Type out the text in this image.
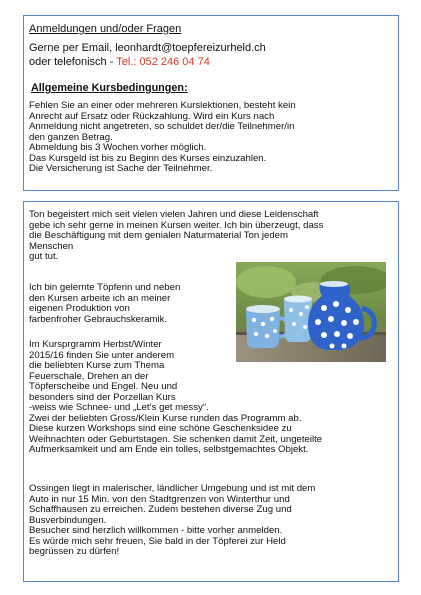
Anmeldungen und/oder Fragen
Gerne per Email, leonhardt@toepfereizurheld.ch
oder telefonisch - Tel.: 052 246 04 74
Allgemeine Kursbedingungen:
Fehlen Sie an einer oder mehreren Kurslektionen, besteht kein
Anrecht auf Ersatz oder Rückzahlung. Wird ein Kurs nach
Anmeldung nicht angetreten, so schuldet der/die Teilnehmer/in
den ganzen Betrag.
Abmeldung bis 3 Wochen vorher möglich.
Das Kursgeld ist bis zu Beginn des Kurses einzuzahlen.
Die Versicherung ist Sache der Teilnehmer.
Ton begeistert mich seit vielen vielen Jahren und diese Leidenschaft
gebe ich sehr gerne in meinen Kursen weiter. Ich bin überzeugt, dass
die Beschäftigung mit dem genialen Naturmaterial Ton jedem
Menschen
gut tut.
Ich bin gelernte Töpferin und neben
den Kursen arbeite ich an meiner
eigenen Produktion von
farbenfroher Gebrauchskeramik.
Im Kursprgramm Herbst/Winter
2015/16 finden Sie unter anderem
die beliebten Kurse zum Thema
Feuerschale, Drehen an der
Töpferscheibe und Engel. Neu und
besonders sind der Porzellan Kurs
-weiss wie Schnee- und „Let‘s get messy“.
Zwei der beliebten Gross/Klein Kurse runden das Programm ab.
Diese kurzen Workshops sind eine schöne Geschenksidee zu
Weihnachten oder Geburtstagen. Sie schenken damit Zeit, ungeteilte
Aufmerksamkeit und am Ende ein tolles, selbstgemachtes Objekt.
Ossingen liegt in malerischer, ländlicher Umgebung und ist mit dem
Auto in nur 15 Min. von den Stadtgrenzen von Winterthur und
Schaffhausen zu erreichen. Zudem bestehen diverse Zug und
Busverbindungen.
Besucher sind herzlich willkommen - bitte vorher anmelden.
Es würde mich sehr freuen, Sie bald in der Töpferei zur Held
begrüssen zu dürfen!
